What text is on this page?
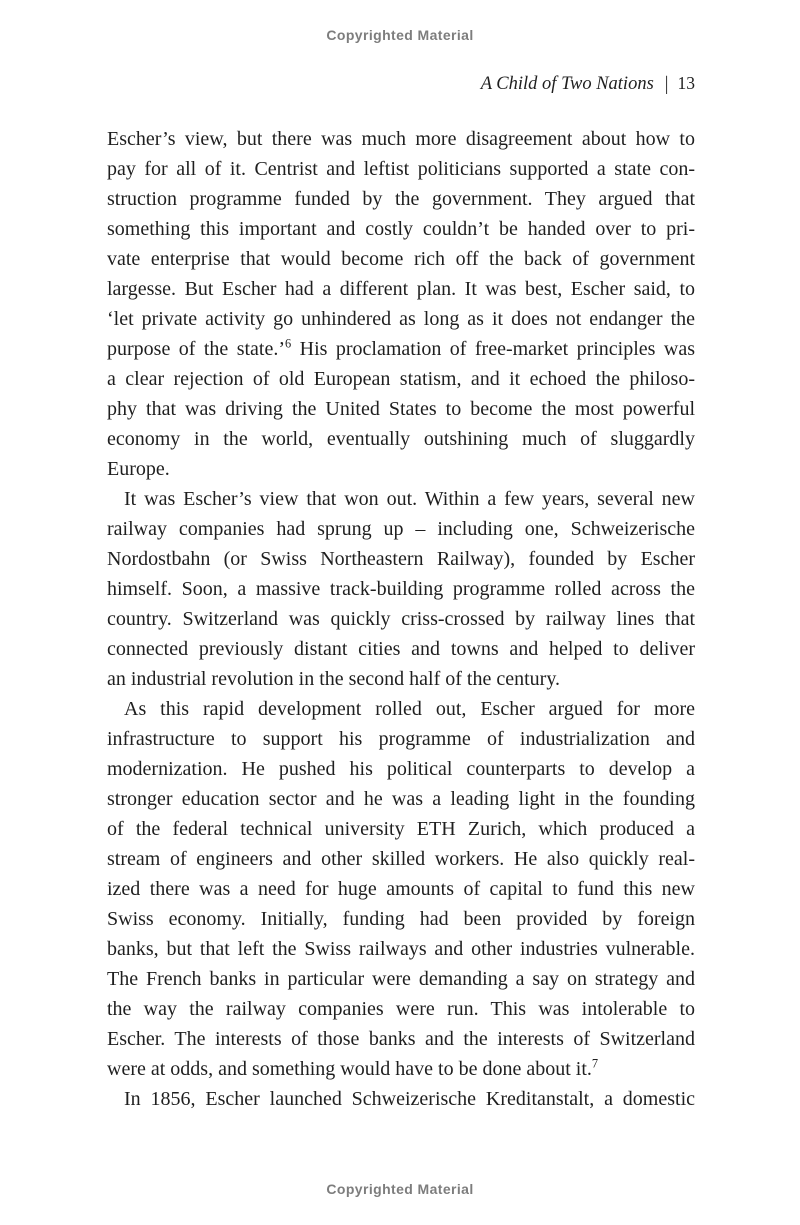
Copyrighted Material
A Child of Two Nations | 13
Escher’s view, but there was much more disagreement about how to
pay for all of it. Centrist and leftist politicians supported a state con-
struction programme funded by the government. They argued that
something this important and costly couldn’t be handed over to pri-
vate enterprise that would become rich off the back of government
largesse. But Escher had a different plan. It was best, Escher said, to
‘let private activity go unhindered as long as it does not endanger the
purpose of the state.’$^6$ His proclamation of free-market principles was
a clear rejection of old European statism, and it echoed the philoso-
phy that was driving the United States to become the most powerful
economy in the world, eventually outshining much of sluggardly
Europe.
It was Escher’s view that won out. Within a few years, several new
railway companies had sprung up – including one, Schweizerische
Nordostbahn (or Swiss Northeastern Railway), founded by Escher
himself. Soon, a massive track-building programme rolled across the
country. Switzerland was quickly criss-crossed by railway lines that
connected previously distant cities and towns and helped to deliver
an industrial revolution in the second half of the century.
As this rapid development rolled out, Escher argued for more
infrastructure to support his programme of industrialization and
modernization. He pushed his political counterparts to develop a
stronger education sector and he was a leading light in the founding
of the federal technical university ETH Zurich, which produced a
stream of engineers and other skilled workers. He also quickly real-
ized there was a need for huge amounts of capital to fund this new
Swiss economy. Initially, funding had been provided by foreign
banks, but that left the Swiss railways and other industries vulnerable.
The French banks in particular were demanding a say on strategy and
the way the railway companies were run. This was intolerable to
Escher. The interests of those banks and the interests of Switzerland
were at odds, and something would have to be done about it.$^7$
In 1856, Escher launched Schweizerische Kreditanstalt, a domestic
Copyrighted Material
